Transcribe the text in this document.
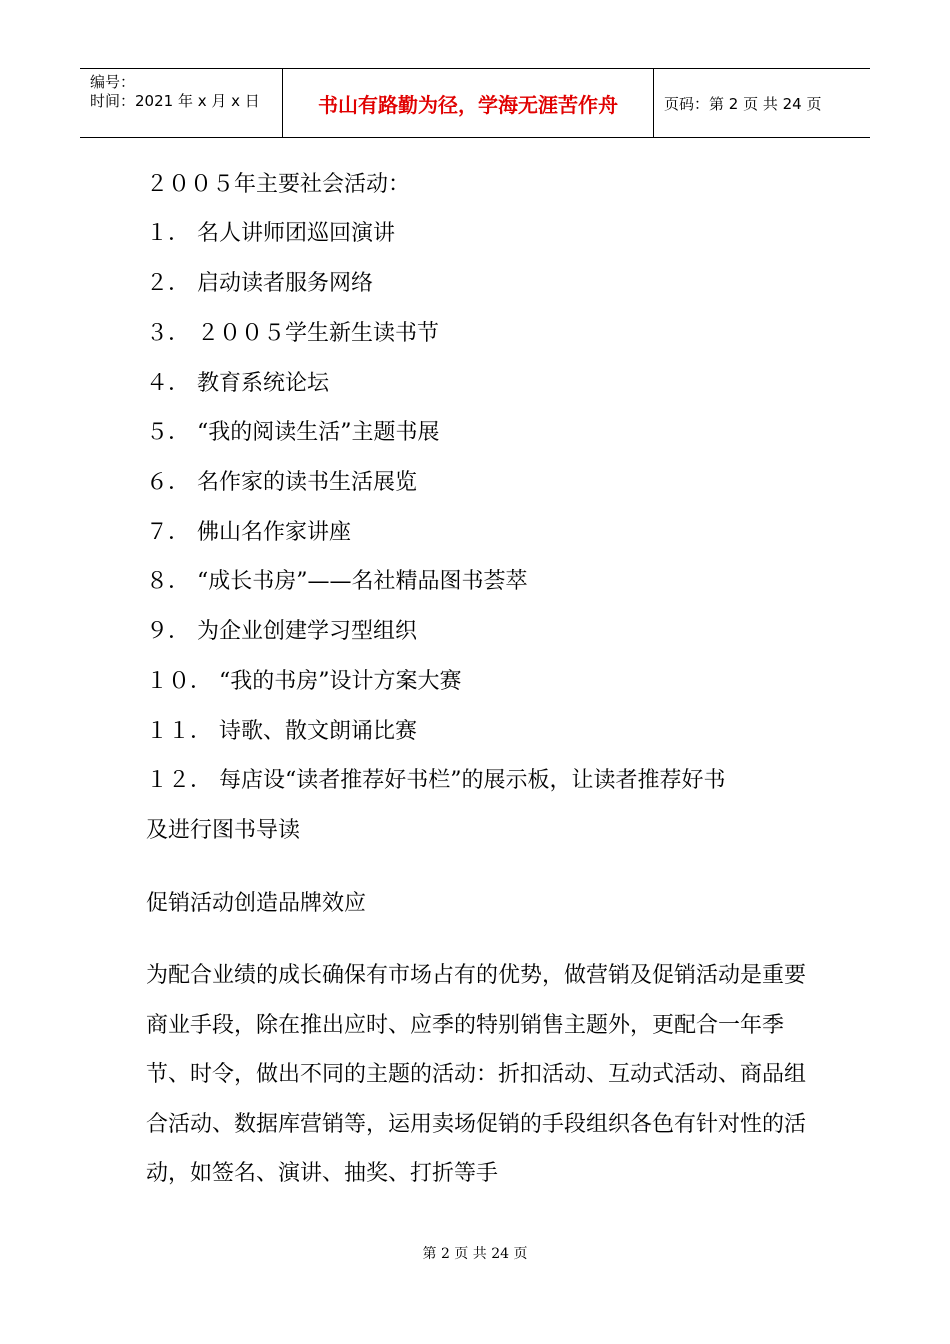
编号：
时间：2021 年 x 月 x 日	书山有路勤为径，学海无涯苦作舟	页码：第 2 页 共 24 页
２００５年主要社会活动：
１． 名人讲师团巡回演讲
２． 启动读者服务网络
３． ２００５学生新生读书节
４． 教育系统论坛
５． “我的阅读生活”主题书展
６． 名作家的读书生活展览
７． 佛山名作家讲座
８． “成长书房”——名社精品图书荟萃
９． 为企业创建学习型组织
１０． “我的书房”设计方案大赛
１１． 诗歌、散文朗诵比赛
１２． 每店设“读者推荐好书栏”的展示板，让读者推荐好书
及进行图书导读
促销活动创造品牌效应
为配合业绩的成长确保有市场占有的优势，做营销及促销活动是重要商业手段，除在推出应时、应季的特别销售主题外，更配合一年季节、时令，做出不同的主题的活动：折扣活动、互动式活动、商品组合活动、数据库营销等，运用卖场促销的手段组织各色有针对性的活动，如签名、演讲、抽奖、打折等手
第 2 页 共 24 页
